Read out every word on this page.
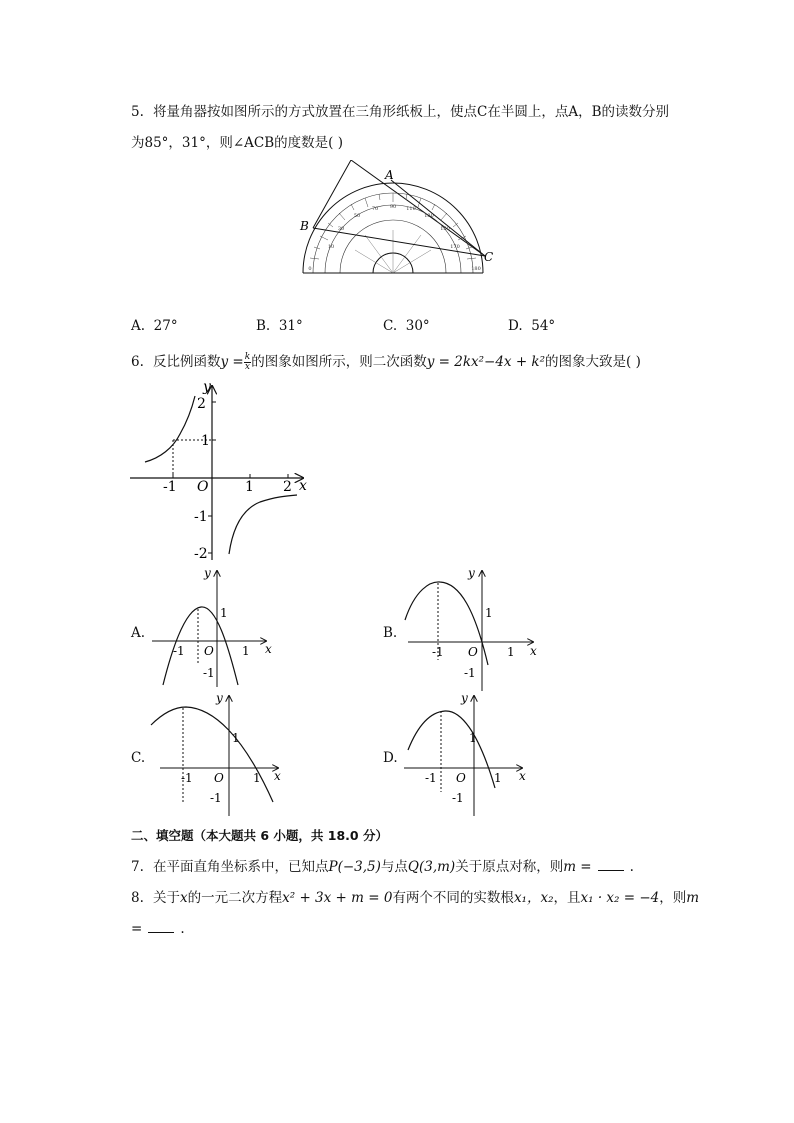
5. 将量角器按如图所示的方式放置在三角形纸板上，使点C在半圆上，点A，B的读数分别
为85°，31°，则∠ACB的度数是( )
90
70	110
50	130
30	150
10	170
0	180
A
B
C
A. 27°	B. 31°	C. 30°	D. 54°
6. 反比例函数$y = \frac{k}{x}$ 的图象如图所示，则二次函数y = 2kx²−4x + k²的图象大致是( )
y
x
O
2
1
-1
-2
-1	1 2
A.
y
x
O
1
1
-1
-1
B.
y
x
O
1
1
-1
-1
C.
y
x
O
1
1
-1
-1
D.
y
x
O
1
1
-1
-1
二、填空题（本大题共 6 小题，共 18.0 分）
7. 在平面直角坐标系中，已知点P(−3,5)与点Q(3,m)关于原点对称，则m =	.
8. 关于x的一元二次方程x² + 3x + m = 0有两个不同的实数根x₁，x₂，且x₁ · x₂ = −4，则m
=	.
